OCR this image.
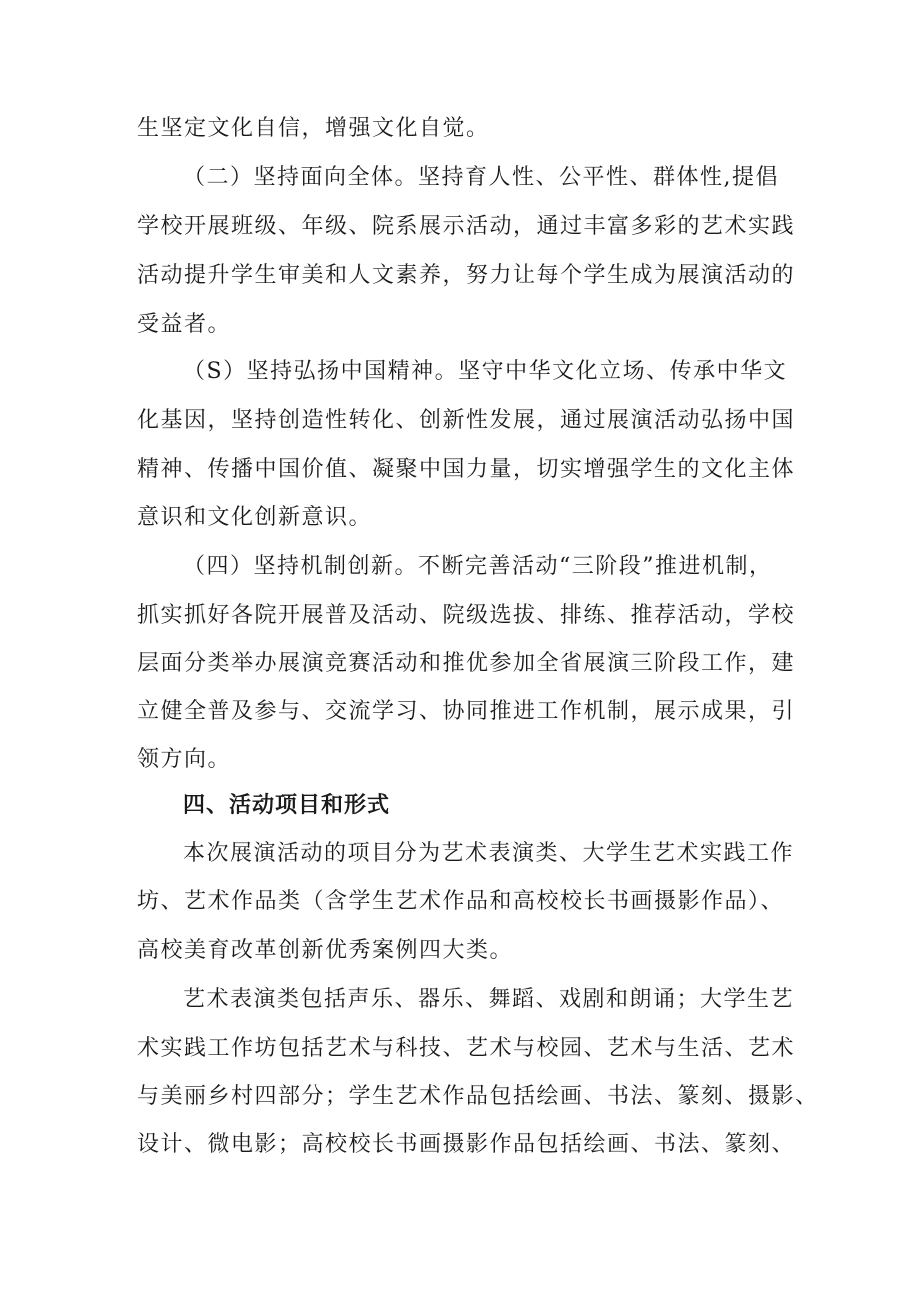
生坚定文化自信，增强文化自觉。
（二）坚持面向全体。坚持育人性、公平性、群体性,提倡
学校开展班级、年级、院系展示活动，通过丰富多彩的艺术实践
活动提升学生审美和人文素养，努力让每个学生成为展演活动的
受益者。
（S）坚持弘扬中国精神。坚守中华文化立场、传承中华文
化基因，坚持创造性转化、创新性发展，通过展演活动弘扬中国
精神、传播中国价值、凝聚中国力量，切实增强学生的文化主体
意识和文化创新意识。
（四）坚持机制创新。不断完善活动“三阶段”推进机制，
抓实抓好各院开展普及活动、院级选拔、排练、推荐活动，学校
层面分类举办展演竞赛活动和推优参加全省展演三阶段工作，建
立健全普及参与、交流学习、协同推进工作机制，展示成果，引
领方向。
四、活动项目和形式
本次展演活动的项目分为艺术表演类、大学生艺术实践工作
坊、艺术作品类（含学生艺术作品和高校校长书画摄影作品）、
高校美育改革创新优秀案例四大类。
艺术表演类包括声乐、器乐、舞蹈、戏剧和朗诵；大学生艺
术实践工作坊包括艺术与科技、艺术与校园、艺术与生活、艺术
与美丽乡村四部分；学生艺术作品包括绘画、书法、篆刻、摄影、
设计、微电影；高校校长书画摄影作品包括绘画、书法、篆刻、
